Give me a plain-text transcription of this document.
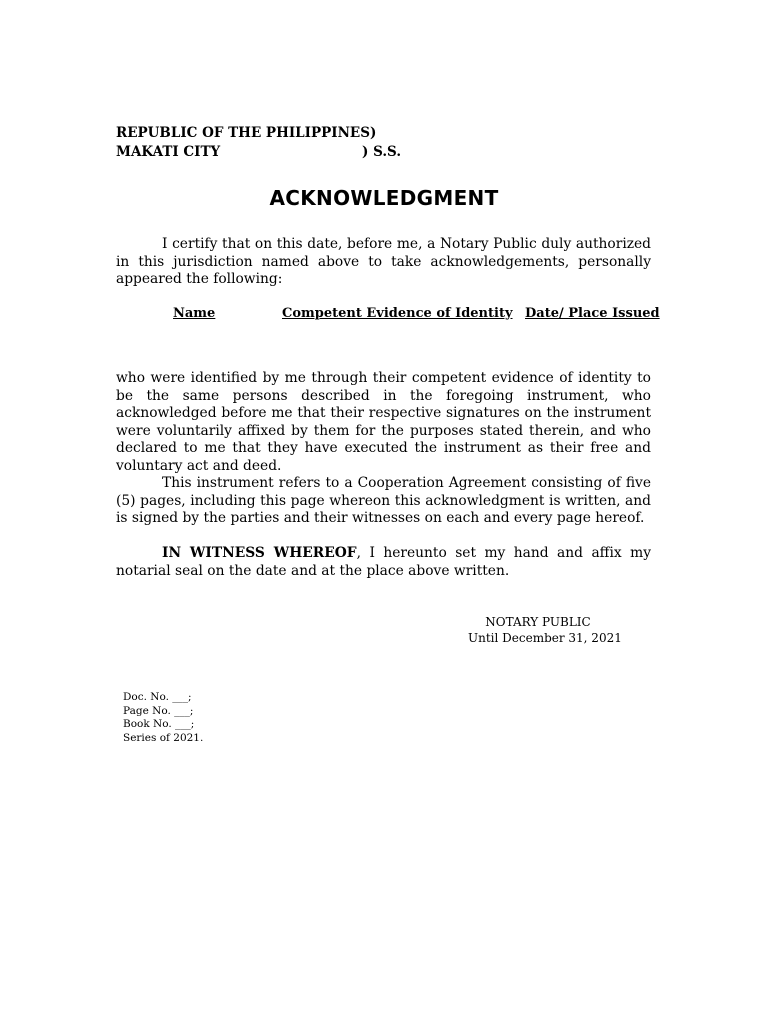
REPUBLIC OF THE PHILIPPINES)
MAKATI CITY	) S.S.
ACKNOWLEDGMENT

I certify that on this date, before me, a Notary Public duly authorized in this jurisdiction named above to take acknowledgements, personally appeared the following:

Name	Competent Evidence of Identity Date/ Place Issued

who were identified by me through their competent evidence of identity to be the same persons described in the foregoing instrument, who acknowledged before me that their respective signatures on the instrument were voluntarily affixed by them for the purposes stated therein, and who declared to me that they have executed the instrument as their free and voluntary act and deed.

This instrument refers to a Cooperation Agreement consisting of five (5) pages, including this page whereon this acknowledgment is written, and is signed by the parties and their witnesses on each and every page hereof.

IN WITNESS WHEREOF, I hereunto set my hand and affix my notarial seal on the date and at the place above written.

NOTARY PUBLIC
Until December 31, 2021
Doc. No. ___;
Page No. ___;
Book No. ___;
Series of 2021.
